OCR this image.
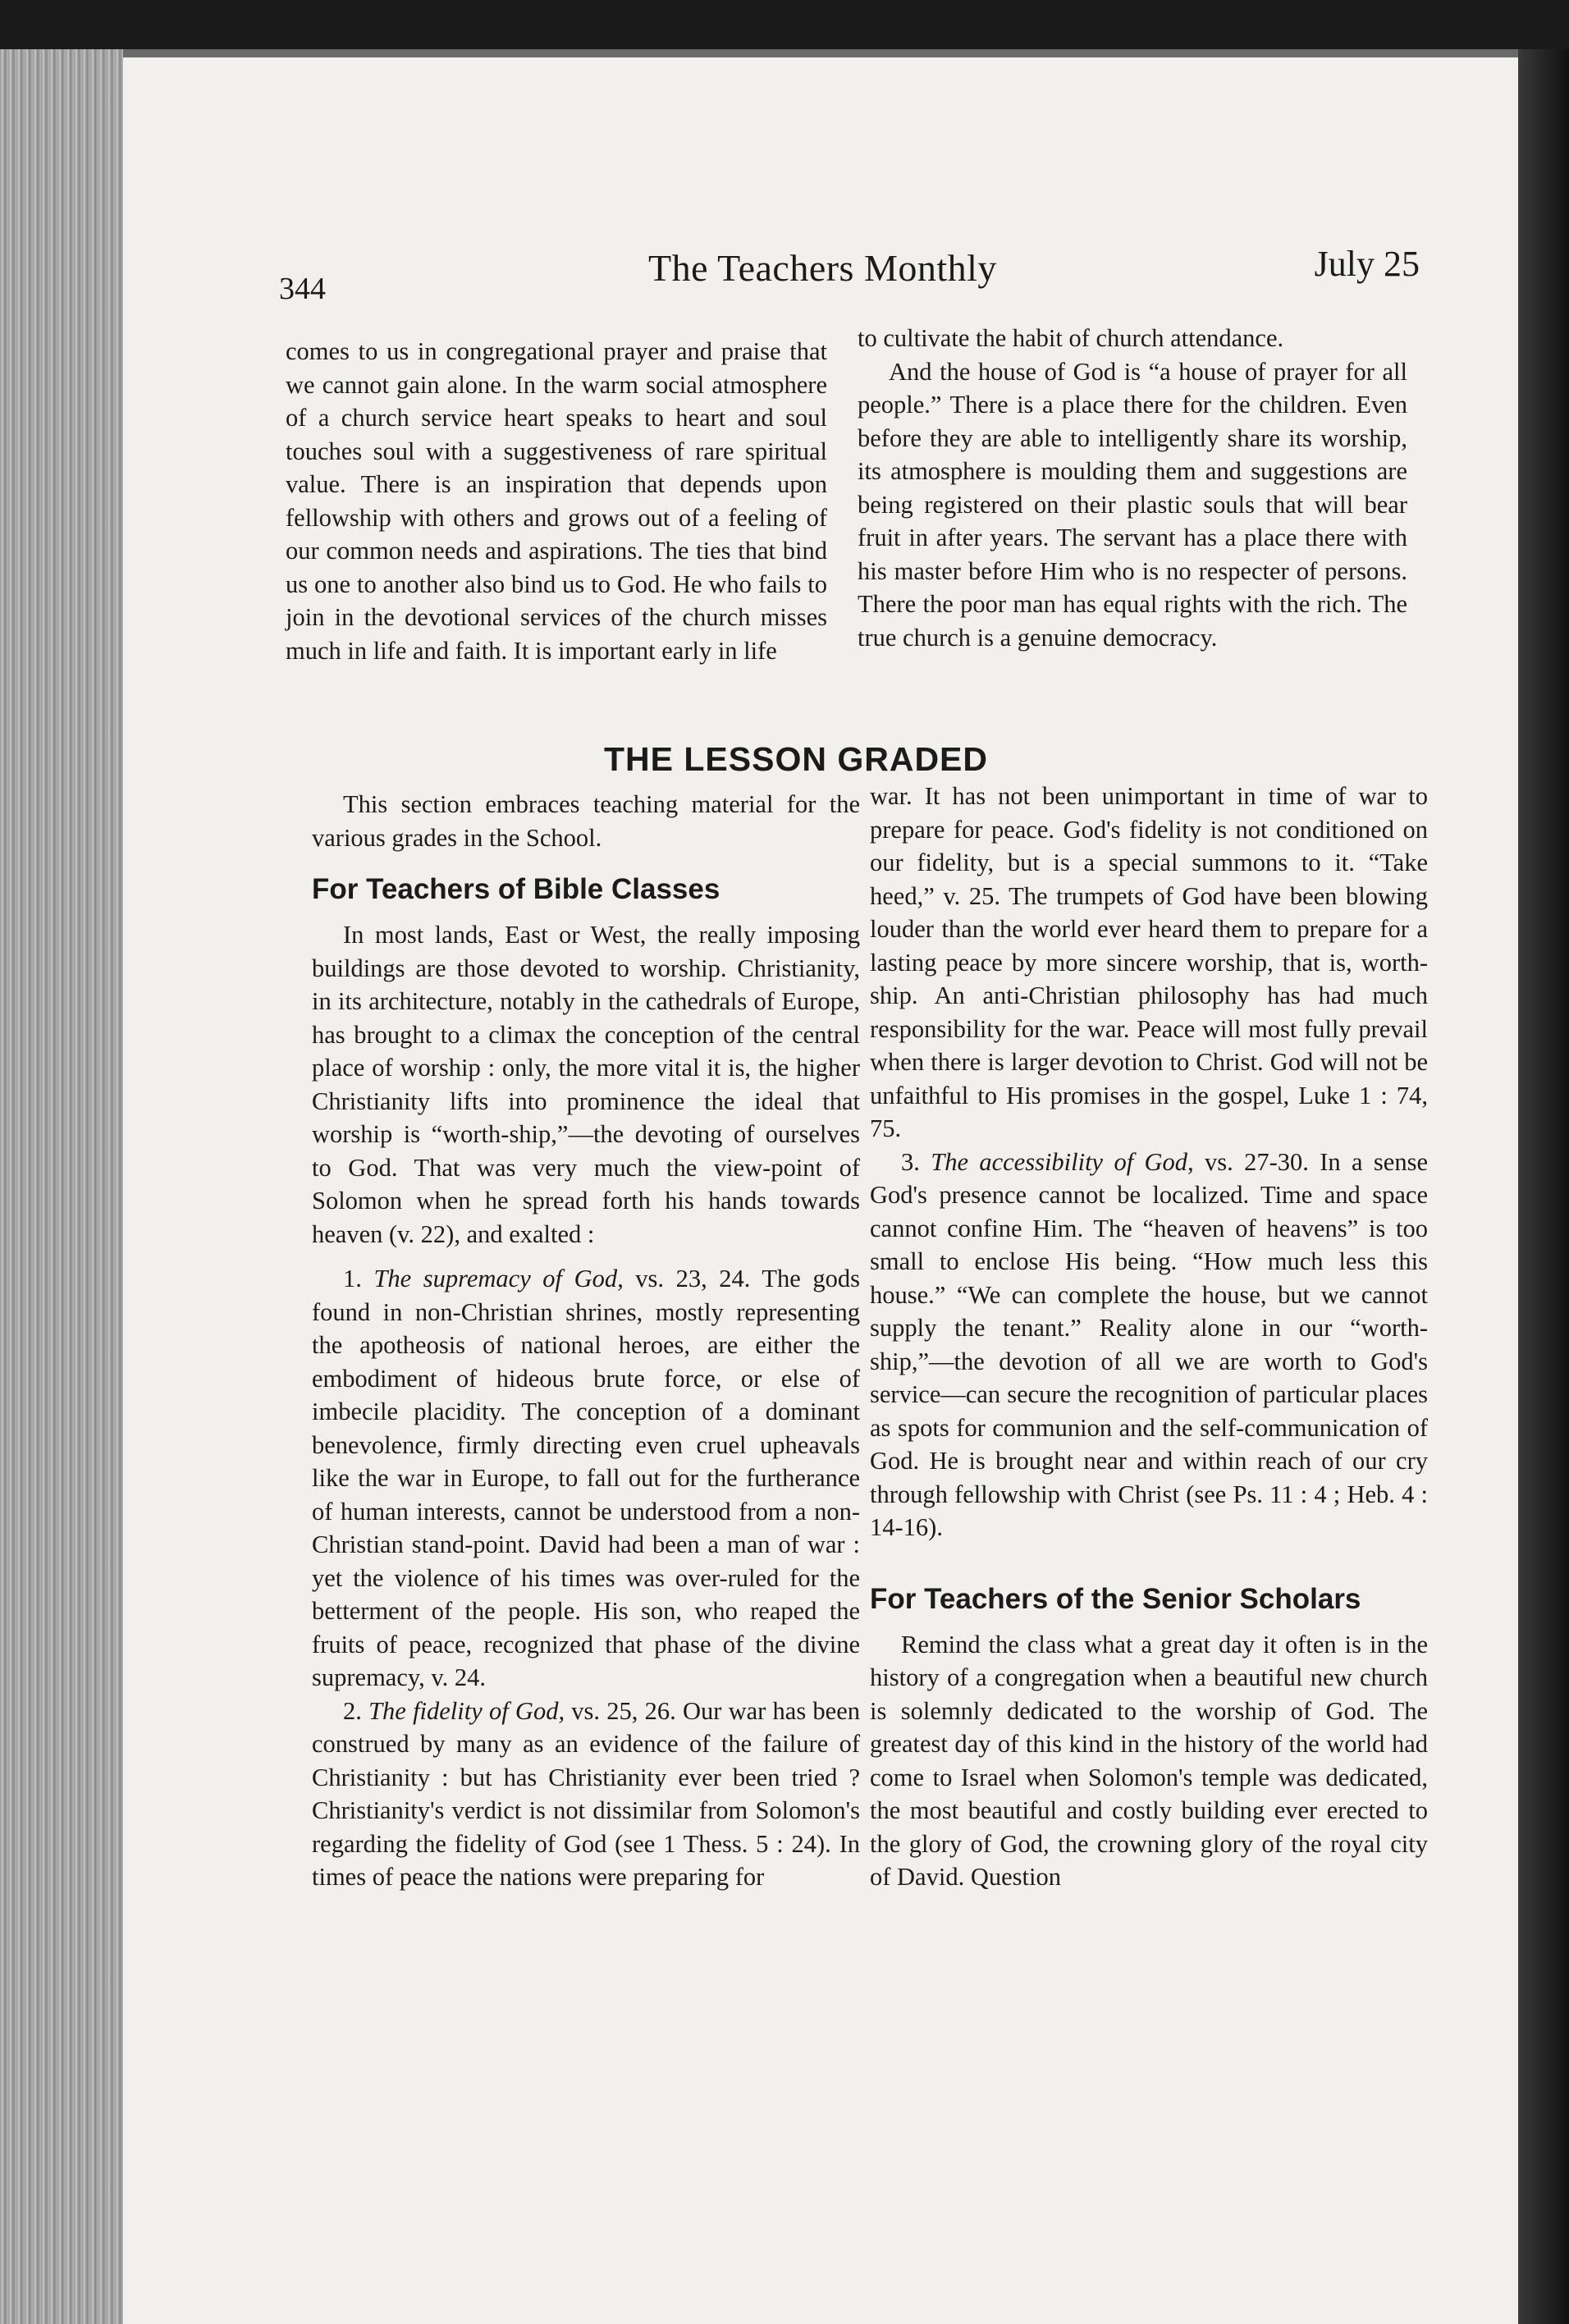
344	The Teachers Monthly	July 25

comes to us in congregational prayer and praise that we cannot gain alone. In the warm social atmosphere of a church service heart speaks to heart and soul touches soul with a suggestiveness of rare spiritual value. There is an inspiration that depends upon fellowship with others and grows out of a feeling of our common needs and aspirations. The ties that bind us one to another also bind us to God. He who fails to join in the devotional services of the church misses much in life and faith. It is important early in life

to cultivate the habit of church attendance.

And the house of God is “a house of prayer for all people.” There is a place there for the children. Even before they are able to intelligently share its worship, its atmosphere is moulding them and suggestions are being registered on their plastic souls that will bear fruit in after years. The servant has a place there with his master before Him who is no respecter of persons. There the poor man has equal rights with the rich. The true church is a genuine democracy.

THE LESSON GRADED

This section embraces teaching material for the various grades in the School.

For Teachers of Bible Classes

In most lands, East or West, the really imposing buildings are those devoted to worship. Christianity, in its architecture, notably in the cathedrals of Europe, has brought to a climax the conception of the central place of worship : only, the more vital it is, the higher Christianity lifts into prominence the ideal that worship is “worth-ship,”—the devoting of ourselves to God. That was very much the view-point of Solomon when he spread forth his hands towards heaven (v. 22), and exalted :

1. The supremacy of God, vs. 23, 24. The gods found in non-Christian shrines, mostly representing the apotheosis of national heroes, are either the embodiment of hideous brute force, or else of imbecile placidity. The conception of a dominant benevolence, firmly directing even cruel upheavals like the war in Europe, to fall out for the furtherance of human interests, cannot be understood from a non-Christian stand-point. David had been a man of war : yet the violence of his times was over-ruled for the betterment of the people. His son, who reaped the fruits of peace, recognized that phase of the divine supremacy, v. 24.

2. The fidelity of God, vs. 25, 26. Our war has been construed by many as an evidence of the failure of Christianity : but has Christianity ever been tried ? Christianity's verdict is not dissimilar from Solomon's regarding the fidelity of God (see 1 Thess. 5 : 24). In times of peace the nations were preparing for

war. It has not been unimportant in time of war to prepare for peace. God's fidelity is not conditioned on our fidelity, but is a special summons to it. “Take heed,” v. 25. The trumpets of God have been blowing louder than the world ever heard them to prepare for a lasting peace by more sincere worship, that is, worth-ship. An anti-Christian philosophy has had much responsibility for the war. Peace will most fully prevail when there is larger devotion to Christ. God will not be unfaithful to His promises in the gospel, Luke 1 : 74, 75.

3. The accessibility of God, vs. 27-30. In a sense God's presence cannot be localized. Time and space cannot confine Him. The “heaven of heavens” is too small to enclose His being. “How much less this house.” “We can complete the house, but we cannot supply the tenant.” Reality alone in our “worth-ship,”—the devotion of all we are worth to God's service—can secure the recognition of particular places as spots for communion and the self-communication of God. He is brought near and within reach of our cry through fellowship with Christ (see Ps. 11 : 4 ; Heb. 4 : 14-16).

For Teachers of the Senior Scholars

Remind the class what a great day it often is in the history of a congregation when a beautiful new church is solemnly dedicated to the worship of God. The greatest day of this kind in the history of the world had come to Israel when Solomon's temple was dedicated, the most beautiful and costly building ever erected to the glory of God, the crowning glory of the royal city of David. Question
